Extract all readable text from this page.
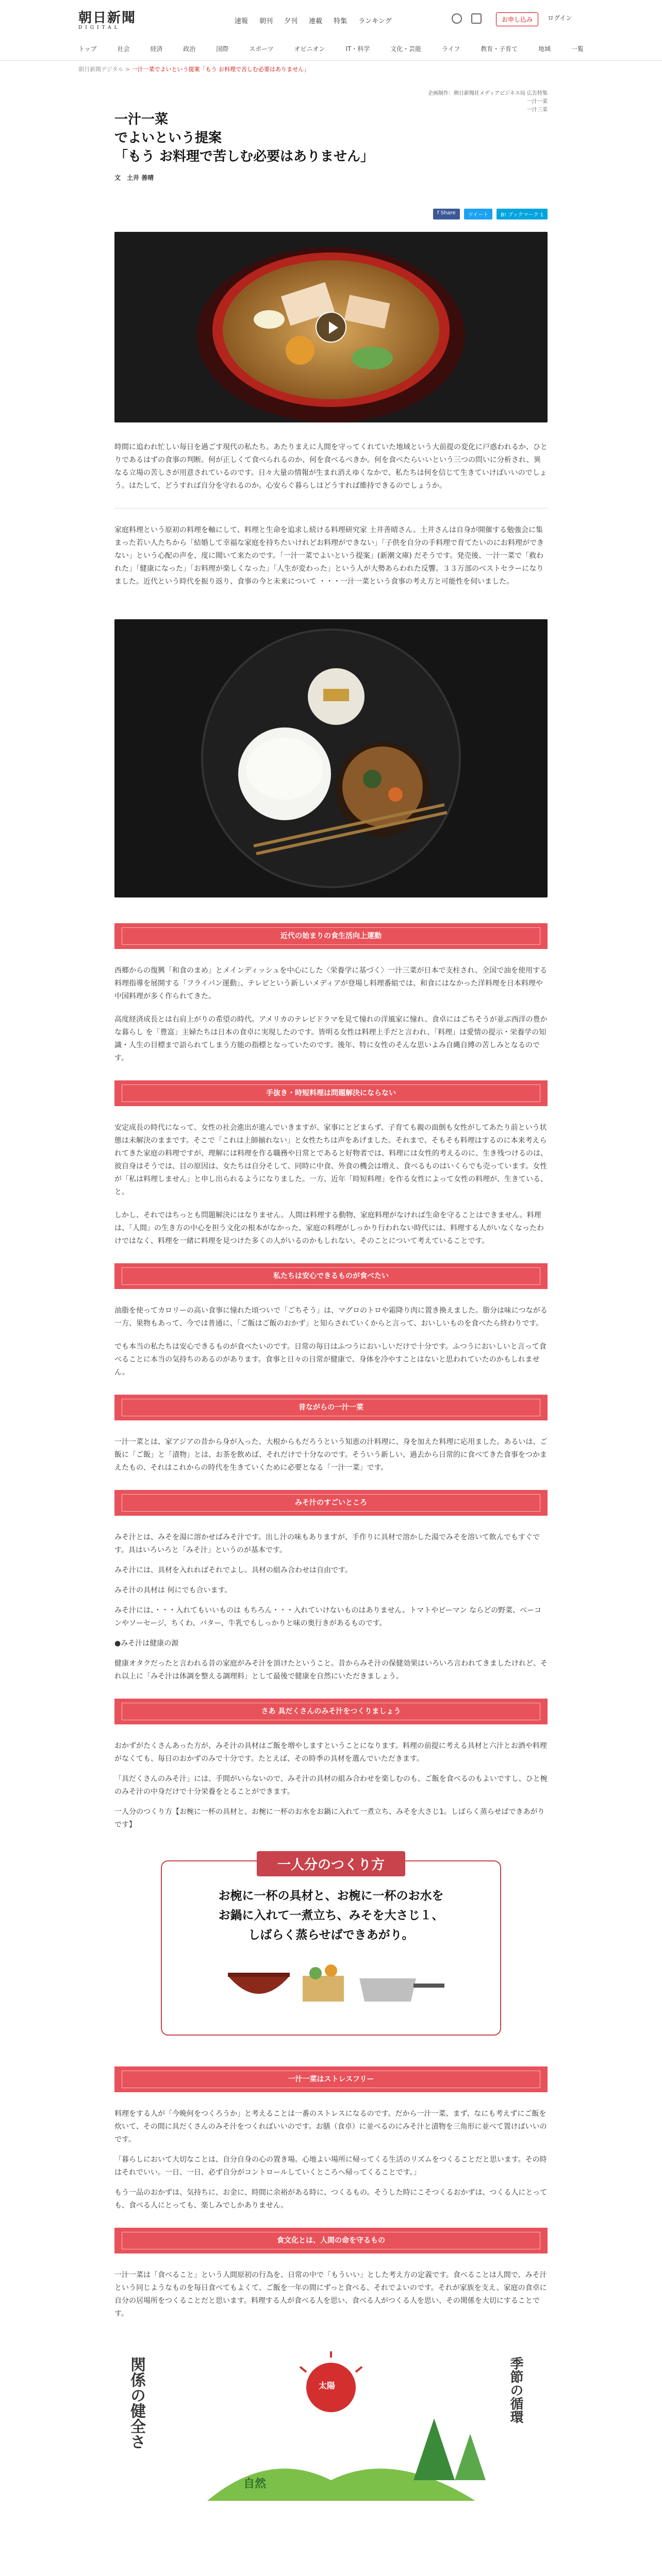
朝日新聞
DIGITAL
速報 朝刊 夕刊 連載 特集 ランキング	お申し込み	ログイン
トップ	社会	経済	政治	国際	スポーツ	オピニオン	IT・科学	文化・芸能	ライフ	教育・子育て	地域	一覧
朝日新聞デジタル > 一汁一菜でよいという提案「もう お料理で苦しむ必要はありません」
企画制作：朝日新聞社メディアビジネス局 広告特集
一汁一菜
一汁三菜
一汁一菜
でよいという提案
「もう お料理で苦しむ必要はありません」
文　土井 善晴
f Share	ツイート	B! ブックマーク 1

時間に追われ忙しい毎日を過ごす現代の私たち。あたりまえに人間を守ってくれていた地域という大前提の変化に戸惑われるか、ひとりであるはずの食事の判断。何が正しくて食べられるのか、何を食べるべきか。何を食べたらいいという三つの問いに分析され、異なる立場の苦しさが用意されているのです。日々大量の情報が生まれ消えゆくなかで、私たちは何を信じて生きていけばいいのでしょう。はたして、どうすれば自分を守れるのか。心安らぐ暮らしはどうすれば維持できるのでしょうか。

家庭料理という原初の料理を軸にして、料理と生命を追求し続ける料理研究家 土井善晴さん。土井さんは自身が開催する勉強会に集まった若い人たちから「結婚して幸福な家庭を持ちたいけれどお料理ができない」「子供を自分の手料理で育てたいのにお料理ができない」という心配の声を、度に聞いて来たのです。「一汁一菜でよいという提案」(新潮文庫) だそうです。発売後、一汁一菜で「救われた」「健康になった」「お料理が楽しくなった」「人生が変わった」という人が大勢あらわれた反響。３３万部のベストセラーになりました。近代という時代を振り返り、食事の今と未来について ・・・一汁一菜という食事の考え方と可能性を伺いました。

近代の始まりの食生活向上運動

西郷からの復興「和食のまめ」とメインディッシュを中心にした〈栄養学に基づく〉一汁三菜が日本で支柱され、全国で油を使用する料理指導を展開する「フライパン運動」、テレビという新しいメディアが登場し料理番組では、和食にはなかった洋料理を日本料理や中国料理が多く作られてきた。

高度経済成長とは右肩上がりの希望の時代。アメリカのテレビドラマを見て憧れの洋風家に憧れ、食卓にはごちそうが並ぶ西洋の豊かな暮らし を「豊富」主婦たちは日本の食卓に実現したのです。皆明る女性は料理上手だと言われ、「料理」は愛情の提示・栄養学の知識・人生の目標まで語られてしまう方能の指標となっていたのです。後年、特に女性のそんな思いよみ自縄自縛の苦しみとなるのです。

手抜き・時短料理は問題解決にならない

安定成長の時代になって、女性の社会進出が進んでいきますが、家事にとどまらず、子育ても親の面倒も女性がしてあたり前という状態は未解決のままです。そこで「これは上師揃れない」と女性たちは声をあげました。それまで、そもそも料理はするのに本来考えられてきた家庭の料理ですが、理解には料理を作る職務や日常とであると好物者では、料理には女性的考えるのに、生き残つけるのは、彼自身はそうでは、目の原因は、女たちは自分そして、同時に中食、外食の機会は増え、食べるものはいくらでも売っています。女性が「私は料理しません」と申し出られるようになりました。一方、近年「時短料理」を作る女性によって女性の料理が、生きている、と。

しかし、それではちっとも問題解決にはなりません。人間は料理する動物、家庭料理がなければ生命を守ることはできません。料理は、「人間」の生き方の中心を担う文化の根本がなかった、家庭の料理がしっかり行われない時代には、料理する人がいなくなったわけではなく、料理を一緒に料理を見つけた多くの人がいるのかもしれない、そのことについて考えていることです。

私たちは安心できるものが食べたい

油脂を使ってカロリーの高い食事に憧れた頃ついで「ごちそう」は、マグロのトロや霜降り肉に置き換えました。脂分は味につながる一方、果物もあって、今では普通に、「ご飯はご飯のおかず」と知らされていくからと言って、おいしいものを食べたら終わりです。

でも本当の私たちは安心できるものが食べたいのです。日常の毎日はふつうにおいしいだけで十分です。ふつうにおいしいと言って食べることに本当の気持ちのあるのがあります。食事と日々の日常が健康で、身体を冷やすことはないと思われていたのかもしれません。

昔ながらの一汁一菜

一汁一菜とは、家アジアの昔から身が入った、大根からもだろうという知恵の汁料理に、身を加えた料理に応用ました。あるいは、ご飯に「ご飯」と「漬物」とは、お茶を飲めば、それだけで十分なのです。そういう新しい、過去から日常的に食べてきた食事をつかまえたもの、それはこれからの時代を生きていくために必要となる「一汁一菜」です。

みそ汁のすごいところ

みそ汁とは、みそを湯に溶かせばみそ汁です。出し汁の味もありますが、手作りに具材で溶かした湯でみそを溶いて飲んでもすぐです。具はいろいろと「みそ汁」というのが基本です。

みそ汁には、具材を入れればそれでよし。具材の組み合わせは自由です。

みそ汁の具材は 何にでも合います。

みそ汁には、・・・入れてもいいものは もちろん・・・入れていけないものはありません。トマトやピーマン ならどの野菜、ベーコンやソーセージ、ちくわ、バター、牛乳でもしっかりと味の奥行きがあるものです。

●みそ汁は健康の源

健康オタクだったと言われる昔の家庭がみそ汁を頂けたということ。昔からみそ汁の保健効果はいろいろ言われてきましたけれど、それ以上に「みそ汁は体調を整える調理料」として最後で健康を自然にいただきましょう。

さあ 具だくさんのみそ汁をつくりましょう

おかずがたくさんあった方が、みそ汁の具材はご飯を増やしますということになります。料理の前提に考える具材と六汁とお酒や料理がなくても、毎日のおかずのみで十分です。たとえば、その時季の具材を選んでいただきます。

「具だくさんのみそ汁」には、手間がいらないので、みそ汁の具材の組み合わせを楽しむのも、ご飯を食べるのもよいですし、ひと椀のみそ汁の中身だけで十分栄養をとることができます。

一人分のつくり方【お椀に一杯の具材と、お椀に一杯のお水をお鍋に入れて一煮立ち、みそを大さじ1。しばらく蒸らせばできあがりです】

一人分のつくり方
お椀に一杯の具材と、お椀に一杯のお水を
お鍋に入れて一煮立ち、みそを大さじ１、
しばらく蒸らせばできあがり。
一汁一菜はストレスフリー

料理をする人が「今晩何をつくろうか」と考えることは一番のストレスになるのです。だから一汁一菜、まず、なにも考えずにご飯を炊いて、その間に具だくさんのみそ汁をつくればいいのです。お膳（食卓）に並べるのにみそ汁と漬物を三角形に並べて置けばいいのです。

「暮らしにおいて大切なことは、自分自身の心の置き場。心地よい場所に帰ってくる生活のリズムをつくることだと思います。その時はそれでいい。一日、一日、必ず自分がコントロールしていくところへ帰ってくることです。」

もう一品のおかずは、気持ちに、お金に、時間に余裕がある時に、つくるもの。そうした時にこそつくるおかずは、つくる人にとっても、食べる人にとっても、楽しみでしかありません。

食文化とは、人間の命を守るもの

一汁一菜は「食べること」という人間原初の行為を、日常の中で「もういい」とした考え方の定義です。食べることは人間で、みそ汁という同じようなものを毎日食べてもよくて、ご飯を一年の間にずっと食べる、それでよいのです。それが家族を支え、家庭の食卓に自分の居場所をつくることだと思います。料理する人が食べる人を思い、食べる人がつくる人を思い、その関係を大切にすることです。

関係の健全さ	太陽
自然
季節の循環
